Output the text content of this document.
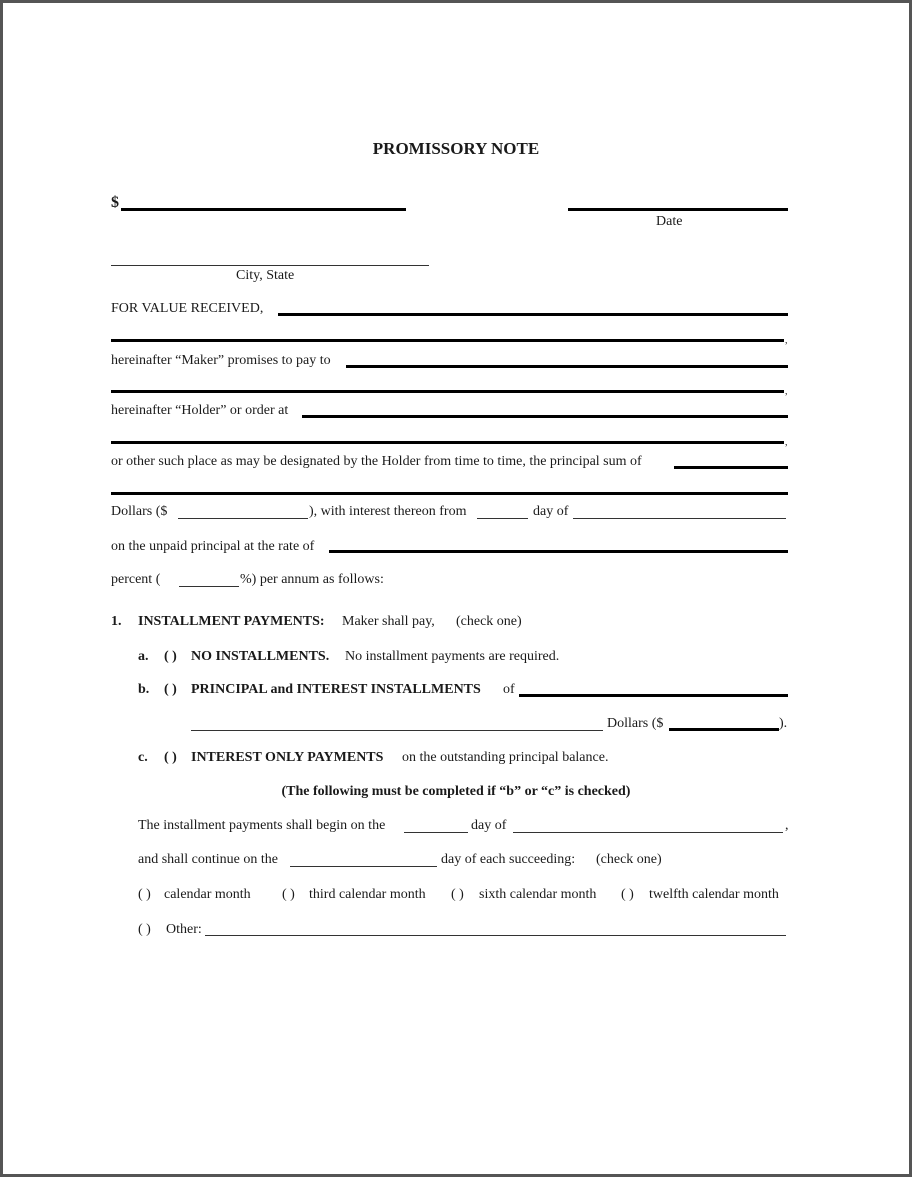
PROMISSORY NOTE
$
Date
City, State
FOR VALUE RECEIVED,
,
hereinafter “Maker” promises to pay to
,
hereinafter “Holder” or order at
,
or other such place as may be designated by the Holder from time to time, the principal sum of
Dollars ($	), with interest thereon from	day of
on the unpaid principal at the rate of
percent (	%) per annum as follows:
1. INSTALLMENT PAYMENTS: Maker shall pay, (check one)
a. ( ) NO INSTALLMENTS. No installment payments are required.
b. ( ) PRINCIPAL and INTEREST INSTALLMENTS of
Dollars ($	).
c. ( ) INTEREST ONLY PAYMENTS on the outstanding principal balance.
(The following must be completed if “b” or “c” is checked)
The installment payments shall begin on the	day of	,
and shall continue on the	day of each succeeding: (check one)
( ) calendar month ( ) third calendar month ( ) sixth calendar month ( ) twelfth calendar month
( ) Other:
